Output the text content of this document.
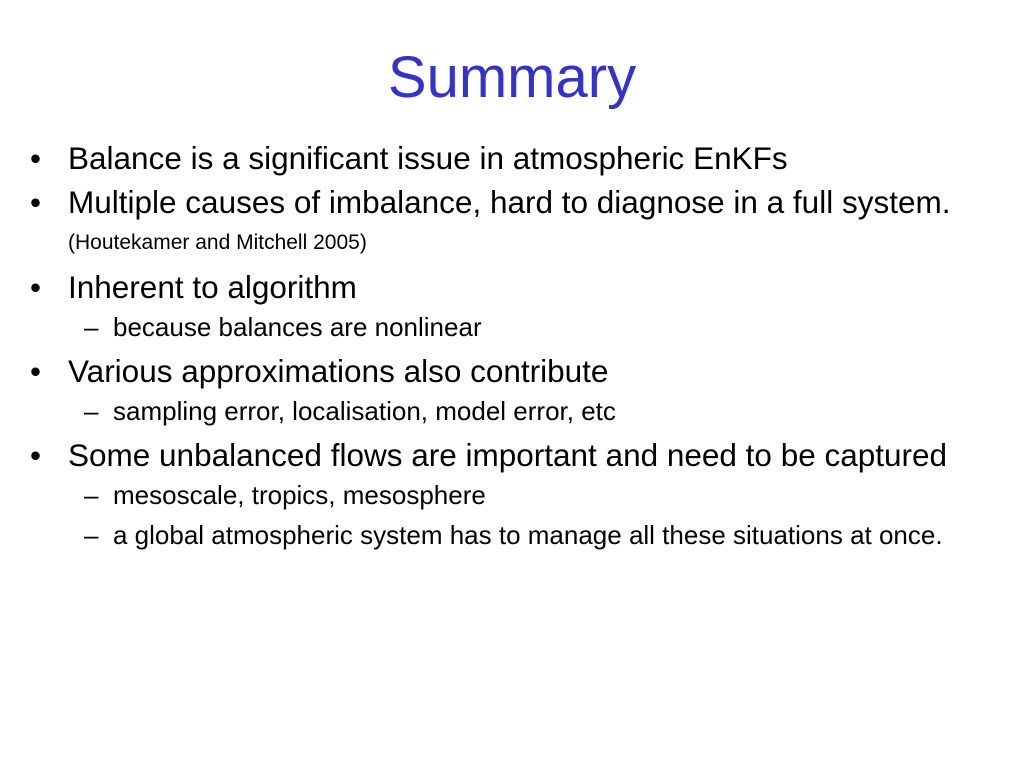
Summary
• Balance is a significant issue in atmospheric EnKFs
• Multiple causes of imbalance, hard to diagnose in a full system. (Houtekamer and Mitchell 2005)
• Inherent to algorithm
– because balances are nonlinear
• Various approximations also contribute
– sampling error, localisation, model error, etc
• Some unbalanced flows are important and need to be captured
– mesoscale, tropics, mesosphere
– a global atmospheric system has to manage all these situations at once.
